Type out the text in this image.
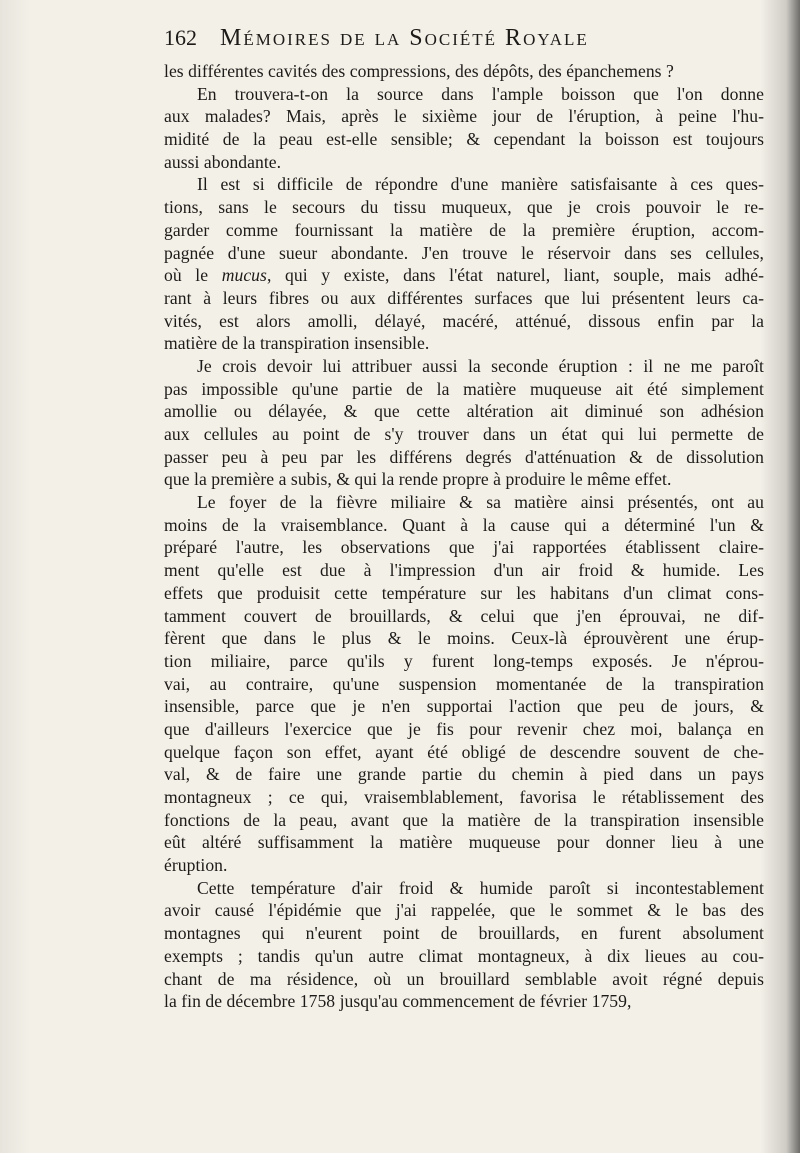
162 Mémoires de la Société Royale
les différentes cavités des compressions, des dépôts, des épanchemens ?
En trouvera-t-on la source dans l'ample boisson que l'on donne
aux malades? Mais, après le sixième jour de l'éruption, à peine l'hu-
midité de la peau est-elle sensible; & cependant la boisson est toujours
aussi abondante.
Il est si difficile de répondre d'une manière satisfaisante à ces ques-
tions, sans le secours du tissu muqueux, que je crois pouvoir le re-
garder comme fournissant la matière de la première éruption, accom-
pagnée d'une sueur abondante. J'en trouve le réservoir dans ses cellules,
où le mucus, qui y existe, dans l'état naturel, liant, souple, mais adhé-
rant à leurs fibres ou aux différentes surfaces que lui présentent leurs ca-
vités, est alors amolli, délayé, macéré, atténué, dissous enfin par la
matière de la transpiration insensible.
Je crois devoir lui attribuer aussi la seconde éruption : il ne me paroît
pas impossible qu'une partie de la matière muqueuse ait été simplement
amollie ou délayée, & que cette altération ait diminué son adhésion
aux cellules au point de s'y trouver dans un état qui lui permette de
passer peu à peu par les différens degrés d'atténuation & de dissolution
que la première a subis, & qui la rende propre à produire le même effet.
Le foyer de la fièvre miliaire & sa matière ainsi présentés, ont au
moins de la vraisemblance. Quant à la cause qui a déterminé l'un &
préparé l'autre, les observations que j'ai rapportées établissent claire-
ment qu'elle est due à l'impression d'un air froid & humide. Les
effets que produisit cette température sur les habitans d'un climat cons-
tamment couvert de brouillards, & celui que j'en éprouvai, ne dif-
fèrent que dans le plus & le moins. Ceux-là éprouvèrent une érup-
tion miliaire, parce qu'ils y furent long-temps exposés. Je n'éprou-
vai, au contraire, qu'une suspension momentanée de la transpiration
insensible, parce que je n'en supportai l'action que peu de jours, &
que d'ailleurs l'exercice que je fis pour revenir chez moi, balança en
quelque façon son effet, ayant été obligé de descendre souvent de che-
val, & de faire une grande partie du chemin à pied dans un pays
montagneux ; ce qui, vraisemblablement, favorisa le rétablissement des
fonctions de la peau, avant que la matière de la transpiration insensible
eût altéré suffisamment la matière muqueuse pour donner lieu à une
éruption.
Cette température d'air froid & humide paroît si incontestablement
avoir causé l'épidémie que j'ai rappelée, que le sommet & le bas des
montagnes qui n'eurent point de brouillards, en furent absolument
exempts ; tandis qu'un autre climat montagneux, à dix lieues au cou-
chant de ma résidence, où un brouillard semblable avoit régné depuis
la fin de décembre 1758 jusqu'au commencement de février 1759,
